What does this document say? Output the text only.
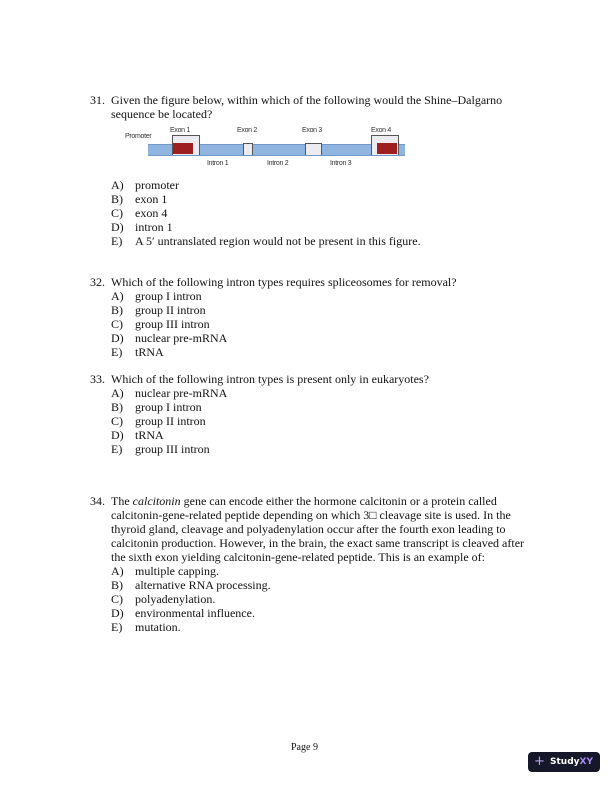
31. Given the figure below, within which of the following would the Shine–Dalgarno
sequence be located?
Promoter
Exon 1	Exon 2	Exon 3	Exon 4
Intron 1	Intron 2	Intron 3
32. Which of the following intron types requires spliceosomes for removal?
33. Which of the following intron types is present only in eukaryotes?
34. The calcitonin gene can encode either the hormone calcitonin or a protein called
calcitonin-gene-related peptide depending on which 3□ cleavage site is used. In the
thyroid gland, cleavage and polyadenylation occur after the fourth exon leading to
calcitonin production. However, in the brain, the exact same transcript is cleaved after
the sixth exon yielding calcitonin-gene-related peptide. This is an example of:
A) promoter
B) exon 1
C) exon 4
D) intron 1
E) A 5′ untranslated region would not be present in this figure.
A) group I intron
B) group II intron
C) group III intron
D) nuclear pre-mRNA
E) tRNA
A) nuclear pre-mRNA
B) group I intron
C) group II intron
D) tRNA
E) group III intron
A) multiple capping.
B) alternative RNA processing.
C) polyadenylation.
D) environmental influence.
E) mutation.
Page 9
+ StudyXY
